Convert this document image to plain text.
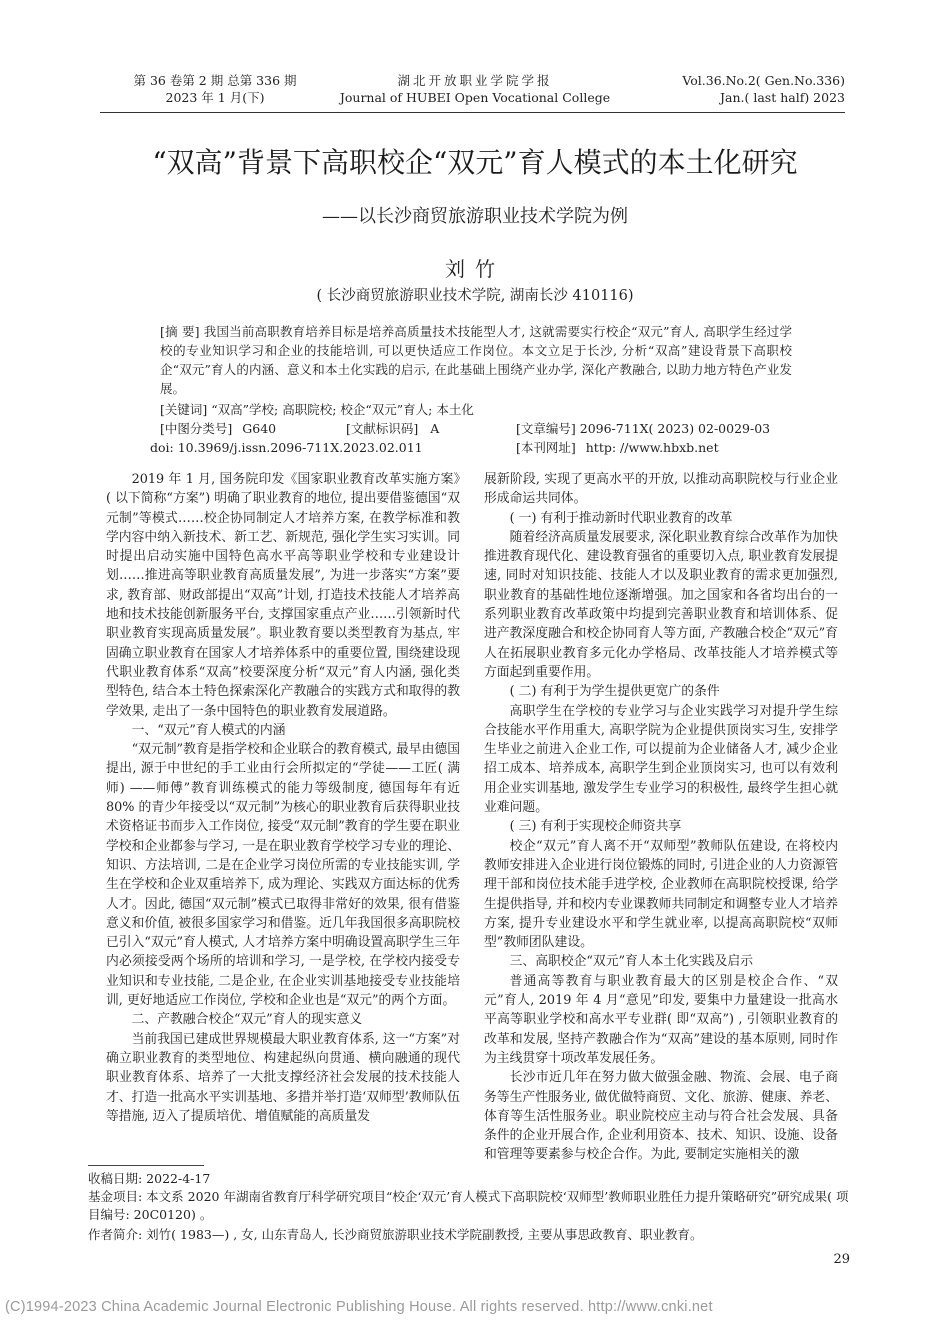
第 36 卷第 2 期 总第 336 期
2023 年 1 月(下)
湖北开放职业学院学报
Journal of HUBEI Open Vocational College
Vol.36.No.2( Gen.No.336)
Jan.( last half) 2023
“双高”背景下高职校企“双元”育人模式的本土化研究
——以长沙商贸旅游职业技术学院为例
刘竹
( 长沙商贸旅游职业技术学院, 湖南长沙 410116)
[摘 要] 我国当前高职教育培养目标是培养高质量技术技能型人才, 这就需要实行校企“双元”育人, 高职学生经过学校的专业知识学习和企业的技能培训, 可以更快适应工作岗位。本文立足于长沙, 分析“双高”建设背景下高职校企“双元”育人的内涵、意义和本土化实践的启示, 在此基础上围绕产业办学, 深化产教融合, 以助力地方特色产业发展。
[关键词] “双高”学校; 高职院校; 校企“双元”育人; 本土化
[中图分类号] G640	[文献标识码] A	[文章编号] 2096-711X( 2023) 02-0029-03
doi: 10.3969/j.issn.2096-711X.2023.02.011	[本刊网址] http: //www.hbxb.net

2019 年 1 月, 国务院印发《国家职业教育改革实施方案》( 以下简称“方案”) 明确了职业教育的地位, 提出要借鉴德国“双元制”等模式……校企协同制定人才培养方案, 在教学标准和教学内容中纳入新技术、新工艺、新规范, 强化学生实习实训。同时提出启动实施中国特色高水平高等职业学校和专业建设计划……推进高等职业教育高质量发展”, 为进一步落实“方案”要求, 教育部、财政部提出“双高”计划, 打造技术技能人才培养高地和技术技能创新服务平台, 支撑国家重点产业……引领新时代职业教育实现高质量发展”。职业教育要以类型教育为基点, 牢固确立职业教育在国家人才培养体系中的重要位置, 围绕建设现代职业教育体系“双高”校要深度分析“双元”育人内涵, 强化类型特色, 结合本土特色探索深化产教融合的实践方式和取得的教学效果, 走出了一条中国特色的职业教育发展道路。

一、“双元”育人模式的内涵

“双元制”教育是指学校和企业联合的教育模式, 最早由德国提出, 源于中世纪的手工业由行会所拟定的“学徒——工匠( 满师) ——师傅”教育训练模式的能力等级制度, 德国每年有近 80% 的青少年接受以“双元制”为核心的职业教育后获得职业技术资格证书而步入工作岗位, 接受“双元制”教育的学生要在职业学校和企业都参与学习, 一是在职业教育学校学习专业的理论、知识、方法培训, 二是在企业学习岗位所需的专业技能实训, 学生在学校和企业双重培养下, 成为理论、实践双方面达标的优秀人才。因此, 德国“双元制”模式已取得非常好的效果, 很有借鉴意义和价值, 被很多国家学习和借鉴。近几年我国很多高职院校已引入“双元”育人模式, 人才培养方案中明确设置高职学生三年内必须接受两个场所的培训和学习, 一是学校, 在学校内接受专业知识和专业技能, 二是企业, 在企业实训基地接受专业技能培训, 更好地适应工作岗位, 学校和企业也是“双元”的两个方面。

二、产教融合校企“双元”育人的现实意义

当前我国已建成世界规模最大职业教育体系, 这一“方案”对确立职业教育的类型地位、构建起纵向贯通、横向融通的现代职业教育体系、培养了一大批支撑经济社会发展的技术技能人才、打造一批高水平实训基地、多措并举打造‘双师型’教师队伍等措施, 迈入了提质培优、增值赋能的高质量发

展新阶段, 实现了更高水平的开放, 以推动高职院校与行业企业形成命运共同体。

( 一) 有利于推动新时代职业教育的改革

随着经济高质量发展要求, 深化职业教育综合改革作为加快推进教育现代化、建设教育强省的重要切入点, 职业教育发展提速, 同时对知识技能、技能人才以及职业教育的需求更加强烈, 职业教育的基础性地位逐渐增强。加之国家和各省均出台的一系列职业教育改革政策中均提到完善职业教育和培训体系、促进产教深度融合和校企协同育人等方面, 产教融合校企“双元”育人在拓展职业教育多元化办学格局、改革技能人才培养模式等方面起到重要作用。

( 二) 有利于为学生提供更宽广的条件

高职学生在学校的专业学习与企业实践学习对提升学生综合技能水平作用重大, 高职学院为企业提供顶岗实习生, 安排学生毕业之前进入企业工作, 可以提前为企业储备人才, 减少企业招工成本、培养成本, 高职学生到企业顶岗实习, 也可以有效利用企业实训基地, 激发学生专业学习的积极性, 最终学生担心就业难问题。

( 三) 有利于实现校企师资共享

校企“双元”育人离不开“双师型”教师队伍建设, 在将校内教师安排进入企业进行岗位锻炼的同时, 引进企业的人力资源管理干部和岗位技术能手进学校, 企业教师在高职院校授课, 给学生提供指导, 并和校内专业课教师共同制定和调整专业人才培养方案, 提升专业建设水平和学生就业率, 以提高高职院校“双师型”教师团队建设。

三、高职校企“双元”育人本土化实践及启示

普通高等教育与职业教育最大的区别是校企合作、“双元”育人, 2019 年 4 月“意见”印发, 要集中力量建设一批高水平高等职业学校和高水平专业群( 即“双高”) , 引领职业教育的改革和发展, 坚持产教融合作为“双高”建设的基本原则, 同时作为主线贯穿十项改革发展任务。

长沙市近几年在努力做大做强金融、物流、会展、电子商务等生产性服务业, 做优做特商贸、文化、旅游、健康、养老、体育等生活性服务业。职业院校应主动与符合社会发展、具备条件的企业开展合作, 企业利用资本、技术、知识、设施、设备和管理等要素参与校企合作。为此, 要制定实施相关的激

收稿日期: 2022-4-17
基金项目: 本文系 2020 年湖南省教育厅科学研究项目“校企‘双元’育人模式下高职院校‘双师型’教师职业胜任力提升策略研究”研究成果( 项目编号: 20C0120) 。
作者简介: 刘竹( 1983—) , 女, 山东青岛人, 长沙商贸旅游职业技术学院副教授, 主要从事思政教育、职业教育。
29
(C)1994-2023 China Academic Journal Electronic Publishing House. All rights reserved. http://www.cnki.net
